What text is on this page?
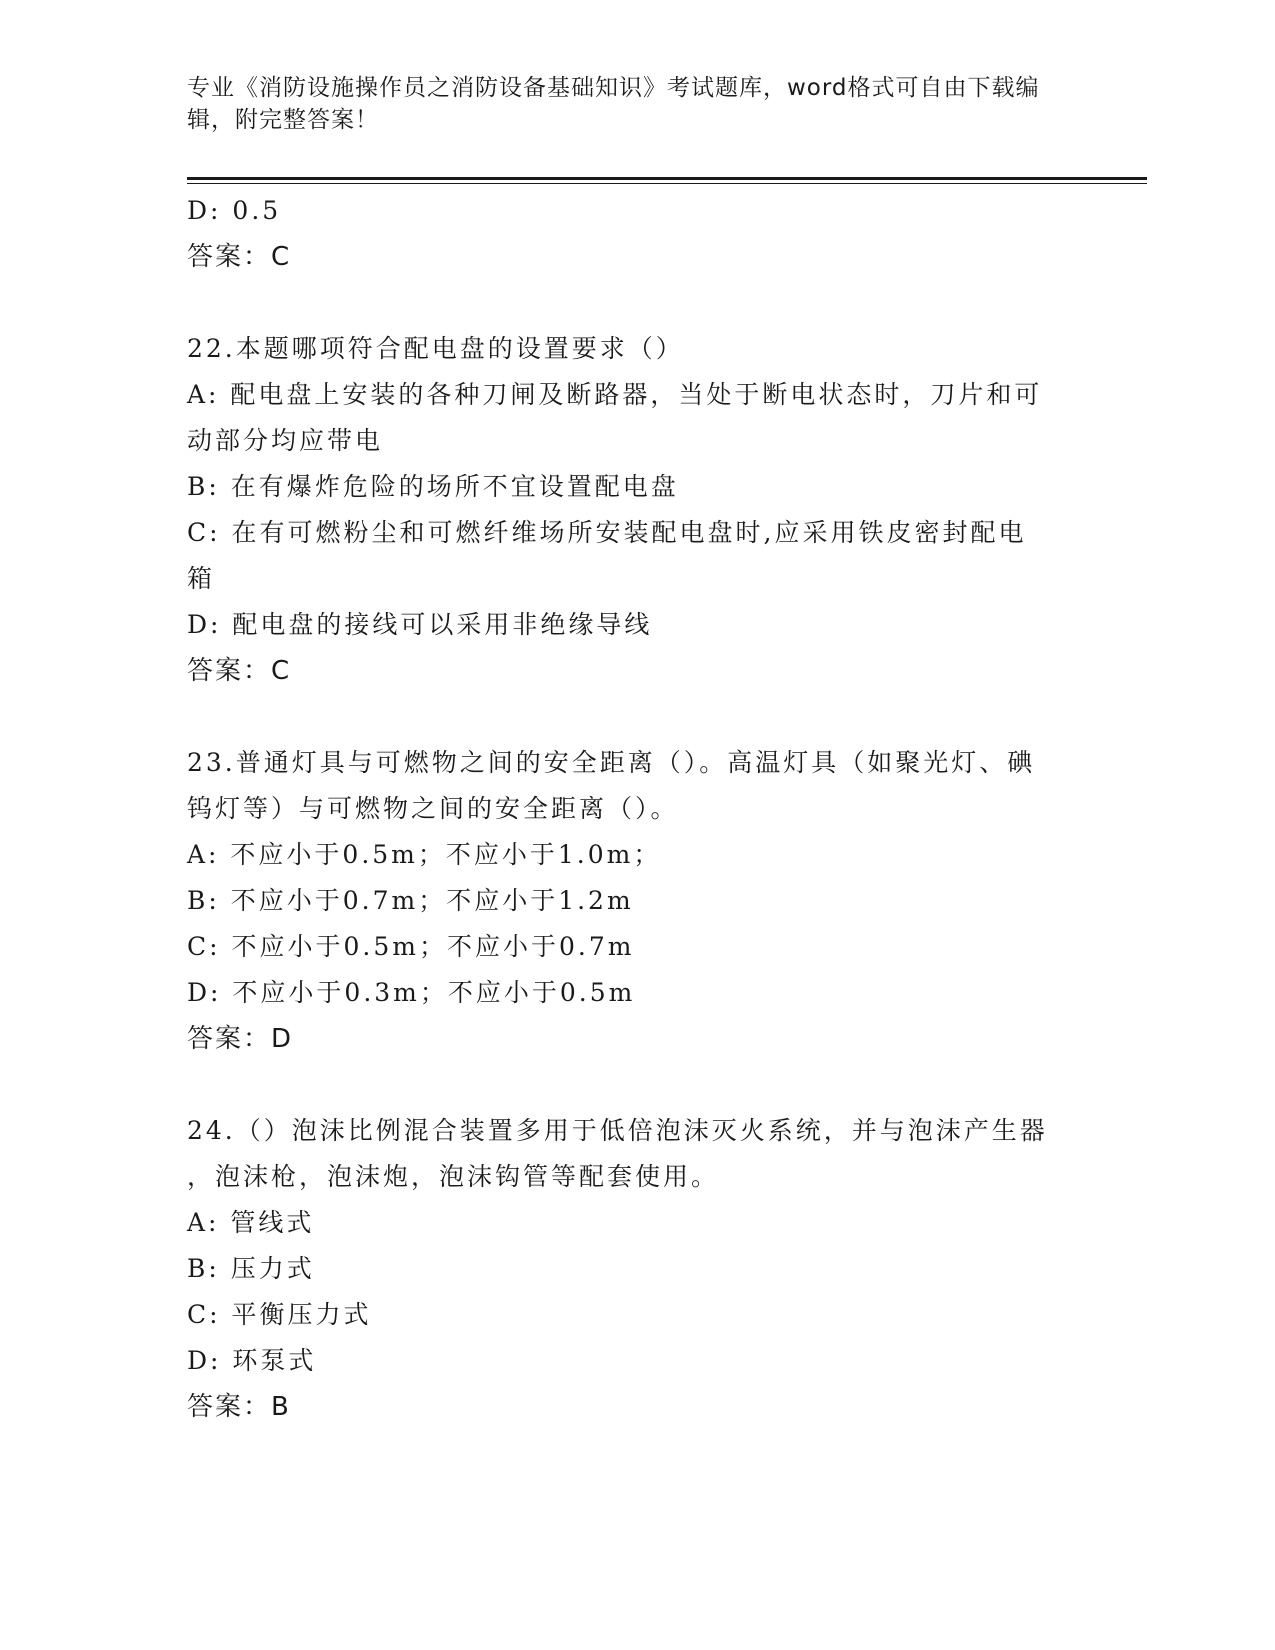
专业《消防设施操作员之消防设备基础知识》考试题库，word格式可自由下载编
辑，附完整答案！
D: 0.5
答案：C
22.本题哪项符合配电盘的设置要求（）
A: 配电盘上安装的各种刀闸及断路器，当处于断电状态时，刀片和可
动部分均应带电
B: 在有爆炸危险的场所不宜设置配电盘
C: 在有可燃粉尘和可燃纤维场所安装配电盘时,应采用铁皮密封配电
箱
D: 配电盘的接线可以采用非绝缘导线
答案：C
23.普通灯具与可燃物之间的安全距离（）。高温灯具（如聚光灯、碘
钨灯等）与可燃物之间的安全距离（）。
A: 不应小于0.5m；不应小于1.0m；
B: 不应小于0.7m；不应小于1.2m
C: 不应小于0.5m；不应小于0.7m
D: 不应小于0.3m；不应小于0.5m
答案：D
24.（）泡沫比例混合装置多用于低倍泡沫灭火系统，并与泡沫产生器
，泡沫枪，泡沫炮，泡沫钩管等配套使用。
A: 管线式
B: 压力式
C: 平衡压力式
D: 环泵式
答案：B
